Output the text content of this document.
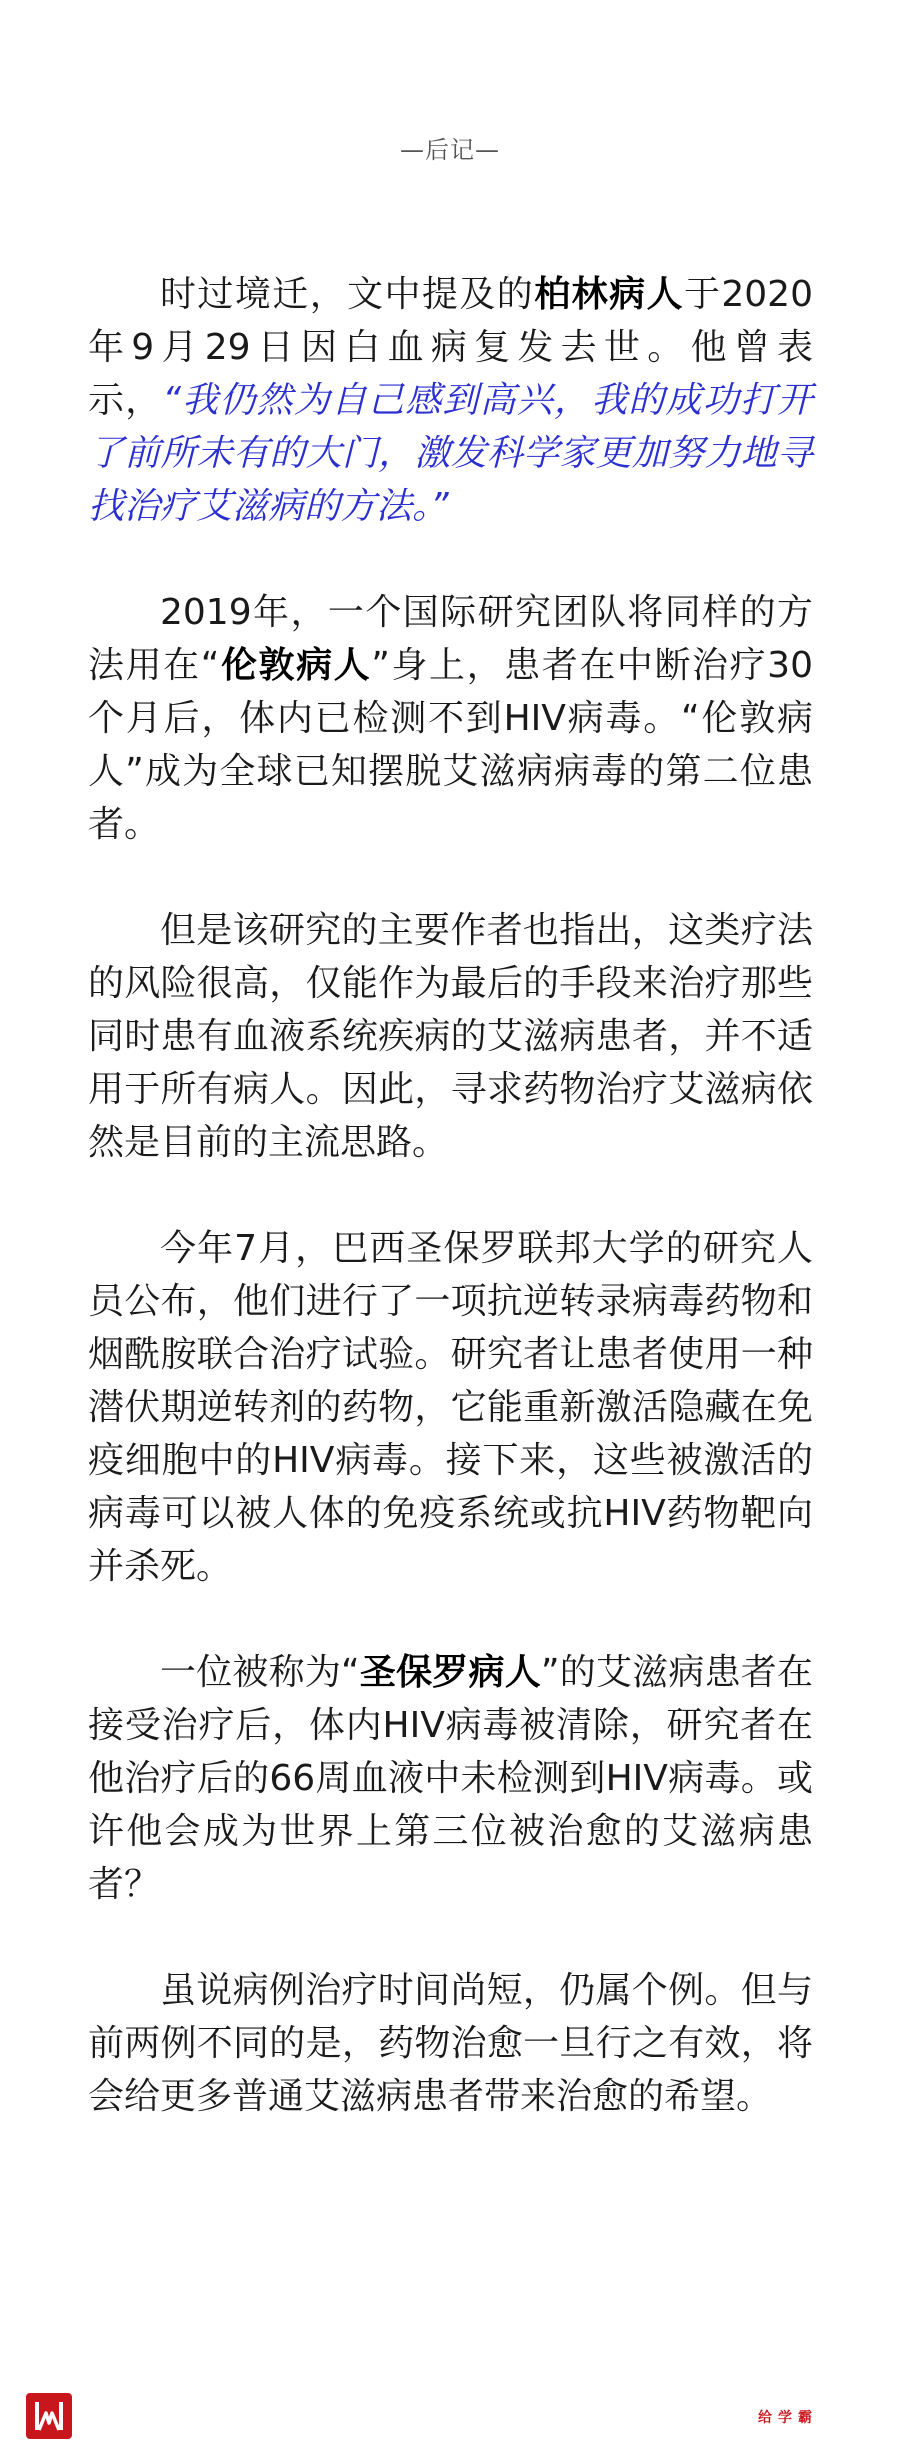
—后记—

时过境迁，文中提及的柏林病人于2020年9月29日因白血病复发去世。他曾表示，“我仍然为自己感到高兴，我的成功打开了前所未有的大门，激发科学家更加努力地寻找治疗艾滋病的方法。”

2019年，一个国际研究团队将同样的方法用在“伦敦病人”身上，患者在中断治疗30个月后，体内已检测不到HIV病毒。“伦敦病人”成为全球已知摆脱艾滋病病毒的第二位患者。

但是该研究的主要作者也指出，这类疗法的风险很高，仅能作为最后的手段来治疗那些同时患有血液系统疾病的艾滋病患者，并不适用于所有病人。因此，寻求药物治疗艾滋病依然是目前的主流思路。

今年7月，巴西圣保罗联邦大学的研究人员公布，他们进行了一项抗逆转录病毒药物和烟酰胺联合治疗试验。研究者让患者使用一种潜伏期逆转剂的药物，它能重新激活隐藏在免疫细胞中的HIV病毒。接下来，这些被激活的病毒可以被人体的免疫系统或抗HIV药物靶向并杀死。

一位被称为“圣保罗病人”的艾滋病患者在接受治疗后，体内HIV病毒被清除，研究者在他治疗后的66周血液中未检测到HIV病毒。或许他会成为世界上第三位被治愈的艾滋病患者？

虽说病例治疗时间尚短，仍属个例。但与前两例不同的是，药物治愈一旦行之有效，将会给更多普通艾滋病患者带来治愈的希望。

给学霸
